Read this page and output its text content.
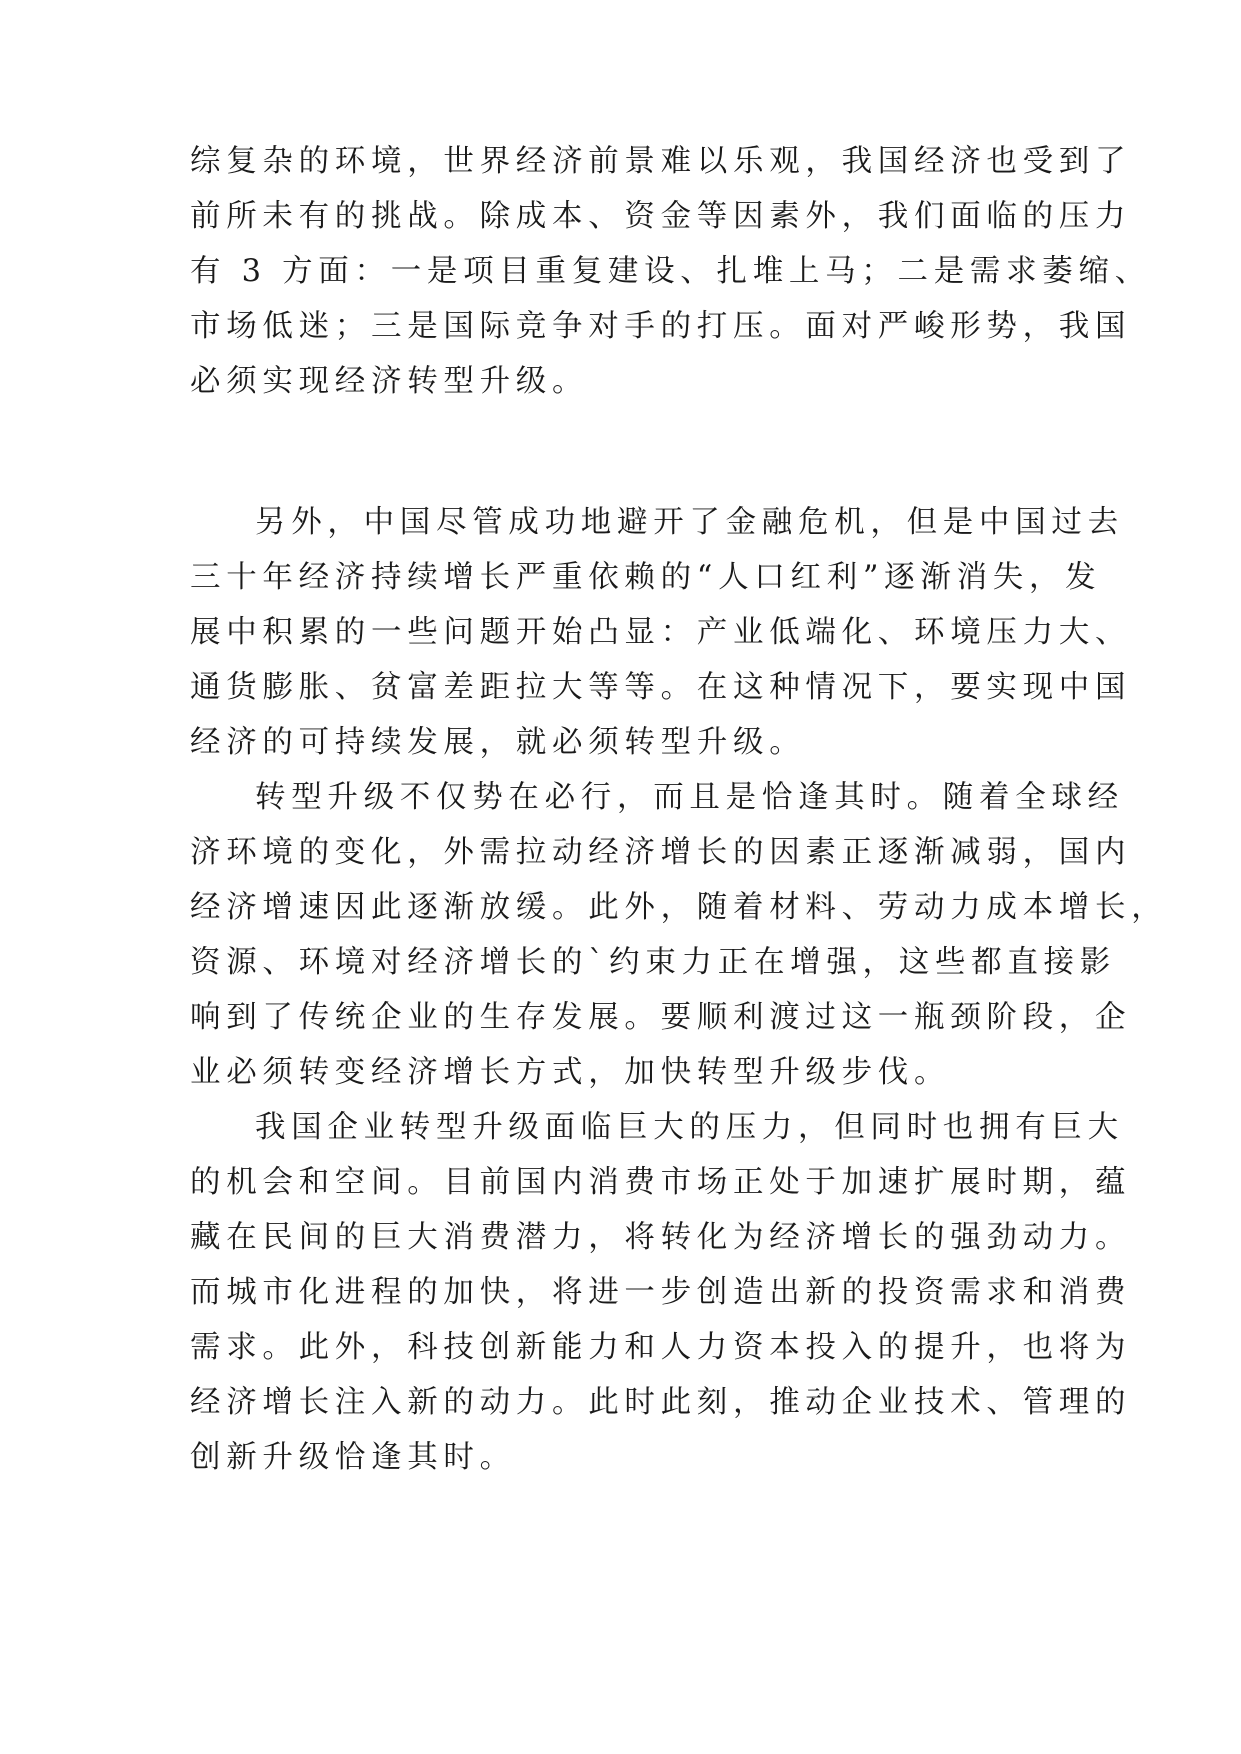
综复杂的环境，世界经济前景难以乐观，我国经济也受到了
前所未有的挑战。除成本、资金等因素外，我们面临的压力
有 3 方面：一是项目重复建设、扎堆上马；二是需求萎缩、
市场低迷；三是国际竞争对手的打压。面对严峻形势，我国
必须实现经济转型升级。
另外，中国尽管成功地避开了金融危机，但是中国过去
三十年经济持续增长严重依赖的“人口红利”逐渐消失，发
展中积累的一些问题开始凸显：产业低端化、环境压力大、
通货膨胀、贫富差距拉大等等。在这种情况下，要实现中国
经济的可持续发展，就必须转型升级。
转型升级不仅势在必行，而且是恰逢其时。随着全球经
济环境的变化，外需拉动经济增长的因素正逐渐减弱，国内
经济增速因此逐渐放缓。此外，随着材料、劳动力成本增长，
资源、环境对经济增长的`约束力正在增强，这些都直接影
响到了传统企业的生存发展。要顺利渡过这一瓶颈阶段，企
业必须转变经济增长方式，加快转型升级步伐。
我国企业转型升级面临巨大的压力，但同时也拥有巨大
的机会和空间。目前国内消费市场正处于加速扩展时期，蕴
藏在民间的巨大消费潜力，将转化为经济增长的强劲动力。
而城市化进程的加快，将进一步创造出新的投资需求和消费
需求。此外，科技创新能力和人力资本投入的提升，也将为
经济增长注入新的动力。此时此刻，推动企业技术、管理的
创新升级恰逢其时。
